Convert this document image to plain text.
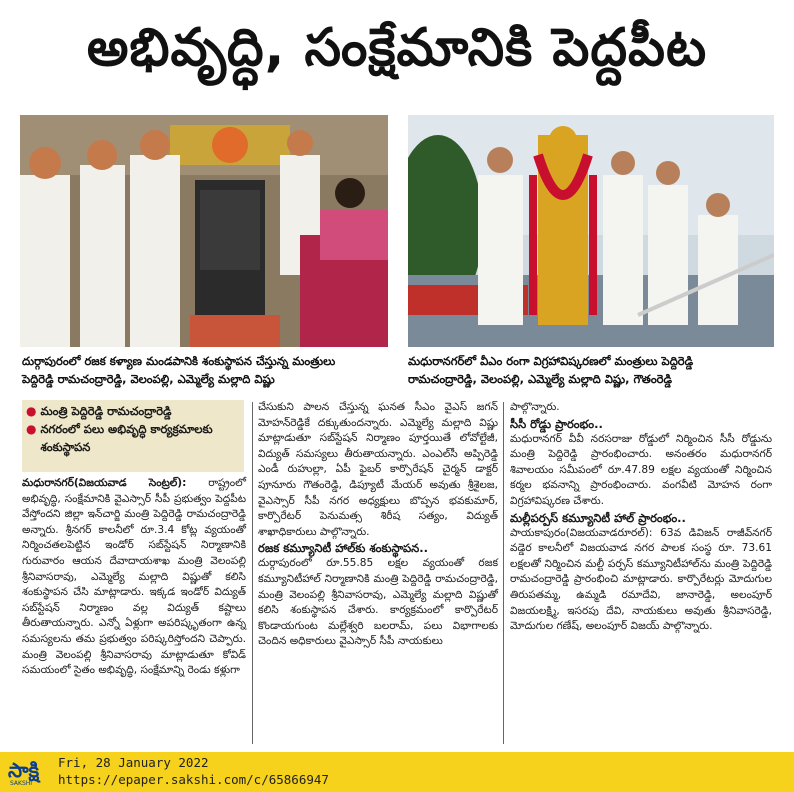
అభివృద్ధి, సంక్షేమానికి పెద్దపీట
దుర్గాపురంలో రజక కళ్యాణ మండపానికి శంకుస్థాపన చేస్తున్న మంత్రులు
పెద్దిరెడ్డి రామచంద్రారెడ్డి, వెలంపల్లి, ఎమ్మెల్యే మల్లాది విష్ణు
మధురానగర్‌లో వీఎం రంగా విగ్రహావిష్కరణలో మంత్రులు పెద్దిరెడ్డి
రామచంద్రారెడ్డి, వెలంపల్లి, ఎమ్మెల్యే మల్లాది విష్ణు, గౌతంరెడ్డి
● మంత్రి పెద్దిరెడ్డి రామచంద్రారెడ్డి
● నగరంలో పలు అభివృద్ధి కార్యక్రమాలకు శంకుస్థాపన

మధురానగర్‌(విజయవాడ సెంట్రల్‌): రాష్ట్రంలో అభివృద్ధి, సంక్షేమానికి వైఎస్సార్‌ సీపీ ప్రభుత్వం పెద్దపీట వేస్తోందని జిల్లా ఇన్‌చార్జి మంత్రి పెద్దిరెడ్డి రామచంద్రారెడ్డి అన్నారు. శ్రీనగర్‌ కాలనీలో రూ.3.4 కోట్ల వ్యయంతో నిర్మించతలపెట్టిన ఇండోర్‌ సబ్‌స్టేషన్‌ నిర్మాణానికి గురువారం ఆయన దేవాదాయశాఖ మంత్రి వెలంపల్లి శ్రీనివాసరావు, ఎమ్మెల్యే మల్లాది విష్ణుతో కలిసి శంకుస్థాపన చేసి మాట్లాడారు. ఇక్కడ ఇండోర్‌ విద్యుత్‌ సబ్‌స్టేషన్‌ నిర్మాణం వల్ల విద్యుత్‌ కష్టాలు తీరుతాయన్నారు. ఎన్నో ఏళ్లుగా అపరిష్కృతంగా ఉన్న సమస్యలను తమ ప్రభుత్వం పరిష్కరిస్తోందని చెప్పారు. మంత్రి వెలంపల్లి శ్రీనివాసరావు మాట్లాడుతూ కోవిడ్‌ సమయంలో సైతం అభివృద్ధి, సంక్షేమాన్ని రెండు కళ్లుగా

చేసుకుని పాలన చేస్తున్న ఘనత సీఎం వైఎస్‌ జగన్‌ మోహన్‌రెడ్డికే దక్కుతుందన్నారు. ఎమ్మెల్యే మల్లాది విష్ణు మాట్లాడుతూ సబ్‌స్టేషన్‌ నిర్మాణం పూర్తయితే లోవోల్టేజీ, విద్యుత్‌ సమస్యలు తీరుతాయన్నారు. ఎంఎల్‌సీ అప్పిరెడ్డి ఎండీ రుహుల్లా, ఏపీ ఫైబర్‌ కార్పొరేషన్‌ చైర్మన్‌ డాక్టర్‌ పూనూరు గౌతంరెడ్డి, డిప్యూటీ మేయర్‌ అవుతు శ్రీశైలజ, వైఎస్సార్‌ సీపీ నగర అధ్యక్షులు బొప్పన భవకుమార్‌, కార్పొరేటర్‌ పెనుమత్స శిరీష సత్యం, విద్యుత్‌ శాఖాధికారులు పాల్గొన్నారు.

రజక కమ్యూనిటీ హాల్‌కు శంకుస్థాపన..

దుర్గాపురంలో రూ.55.85 లక్షల వ్యయంతో రజక కమ్యూనిటీహాల్‌ నిర్మాణానికి మంత్రి పెద్దిరెడ్డి రామచంద్రారెడ్డి, మంత్రి వెలంపల్లి శ్రీనివాసరావు, ఎమ్మెల్యే మల్లాది విష్ణుతో కలిసి శంకుస్థాపన చేశారు. కార్యక్రమంలో కార్పొరేటర్‌ కొండాయగుంట మల్లేశ్వరి బలరామ్‌, పలు విభాగాలకు చెందిన అధికారులు వైఎస్సార్‌ సీపీ నాయకులు

పాల్గొన్నారు.

సీసీ రోడ్డు ప్రారంభం..

మధురానగర్‌ వీవీ నరసరాజు రోడ్డులో నిర్మించిన సీసీ రోడ్డును మంత్రి పెద్దిరెడ్డి ప్రారంభించారు. అనంతరం మధురానగర్‌ శివాలయం సమీపంలో రూ.47.89 లక్షల వ్యయంతో నిర్మించిన కర్మల భవనాన్ని ప్రారంభించారు. వంగవీటి మోహన రంగా విగ్రహావిష్కరణ చేశారు.

మల్లీపర్పస్‌ కమ్యూనిటీ హాల్‌ ప్రారంభం..

పాయకాపురం(విజయవాడరూరల్‌): 63వ డివిజన్‌ రాజీవ్‌నగర్‌ వడ్డెర కాలనీలో విజయవాడ నగర పాలక సంస్థ రూ. 73.61 లక్షలతో నిర్మించిన మల్టీ పర్పస్‌ కమ్యూనిటీహాల్‌ను మంత్రి పెద్దిరెడ్డి రామచంద్రారెడ్డి ప్రారంభించి మాట్లాడారు. కార్పొరేటర్లు మోదుగుల తిరుపతమ్మ, ఉమ్మడి రమాదేవి, జానారెడ్డి, అలంపూర్‌ విజయలక్ష్మి, ఇసరపు దేవి, నాయకులు అవుతు శ్రీనివాసరెడ్డి, మోదుగుల గణేష్‌, అలంపూర్‌ విజయ్‌ పాల్గొన్నారు.

సాక్షి
SAKSHI
Fri, 28 January 2022
https://epaper.sakshi.com/c/65866947
